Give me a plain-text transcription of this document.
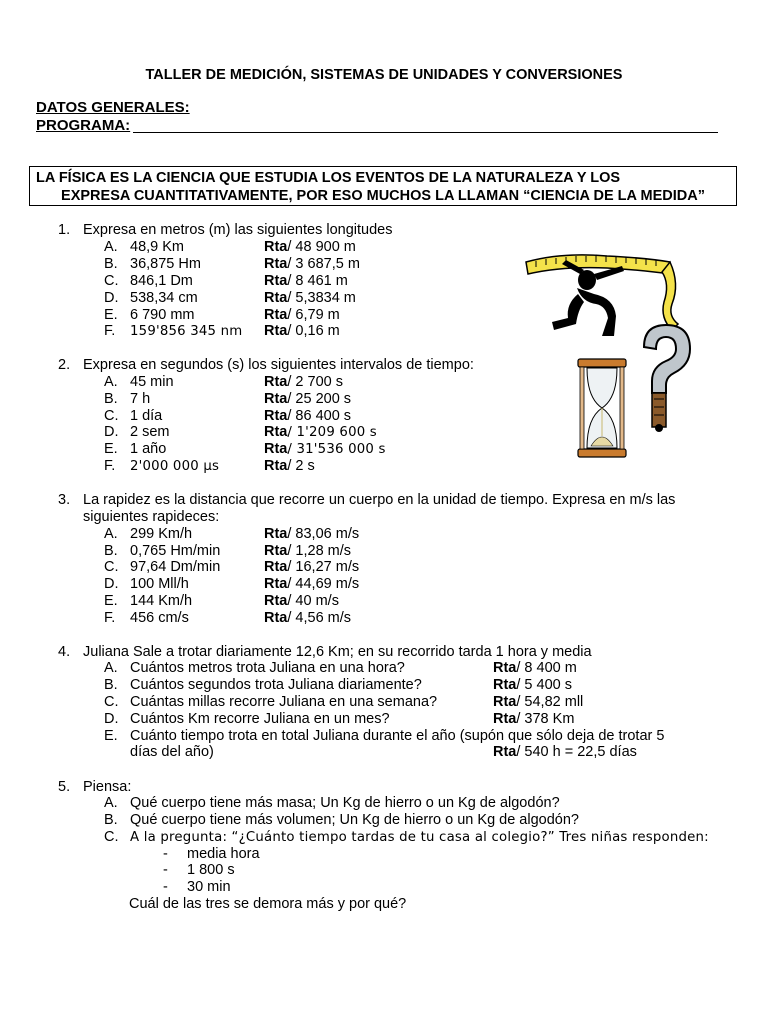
TALLER DE MEDICIÓN, SISTEMAS DE UNIDADES Y CONVERSIONES
DATOS GENERALES:
PROGRAMA:
LA FÍSICA ES LA CIENCIA QUE ESTUDIA LOS EVENTOS DE LA NATURALEZA Y LOS
EXPRESA CUANTITATIVAMENTE, POR ESO MUCHOS LA LLAMAN “CIENCIA DE LA MEDIDA”
1. Expresa en metros (m) las siguientes longitudes
A. 48,9 Km	Rta/ 48 900 m
B. 36,875 Hm	Rta/ 3 687,5 m
C. 846,1 Dm	Rta/ 8 461 m
D. 538,34 cm	Rta/ 5,3834 m
E. 6 790 mm	Rta/ 6,79 m
F. 159'856 345 nm Rta/ 0,16 m
2. Expresa en segundos (s) los siguientes intervalos de tiempo:
A. 45 min	Rta/ 2 700 s
B. 7 h	Rta/ 25 200 s
C. 1 día	Rta/ 86 400 s
D. 2 sem	Rta/ 1'209 600 s
E. 1 año	Rta/ 31'536 000 s
F. 2'000 000 µs	Rta/ 2 s
3. La rapidez es la distancia que recorre un cuerpo en la unidad de tiempo. Expresa en m/s las
siguientes rapideces:
A. 299 Km/h	Rta/ 83,06 m/s
B. 0,765 Hm/min	Rta/ 1,28 m/s
C. 97,64 Dm/min	Rta/ 16,27 m/s
D. 100 Mll/h	Rta/ 44,69 m/s
E. 144 Km/h	Rta/ 40 m/s
F. 456 cm/s	Rta/ 4,56 m/s
4. Juliana Sale a trotar diariamente 12,6 Km; en su recorrido tarda 1 hora y media
A. Cuántos metros trota Juliana en una hora?	Rta/ 8 400 m
B. Cuántos segundos trota Juliana diariamente?	Rta/ 5 400 s
C. Cuántas millas recorre Juliana en una semana?	Rta/ 54,82 mll
D. Cuántos Km recorre Juliana en un mes?	Rta/ 378 Km
E. Cuánto tiempo trota en total Juliana durante el año (supón que sólo deja de trotar 5
días del año)	Rta/ 540 h = 22,5 días
5. Piensa:
A. Qué cuerpo tiene más masa; Un Kg de hierro o un Kg de algodón?
B. Qué cuerpo tiene más volumen; Un Kg de hierro o un Kg de algodón?
C. A la pregunta: “¿Cuánto tiempo tardas de tu casa al colegio?” Tres niñas responden:
- media hora
- 1 800 s
- 30 min
Cuál de las tres se demora más y por qué?
